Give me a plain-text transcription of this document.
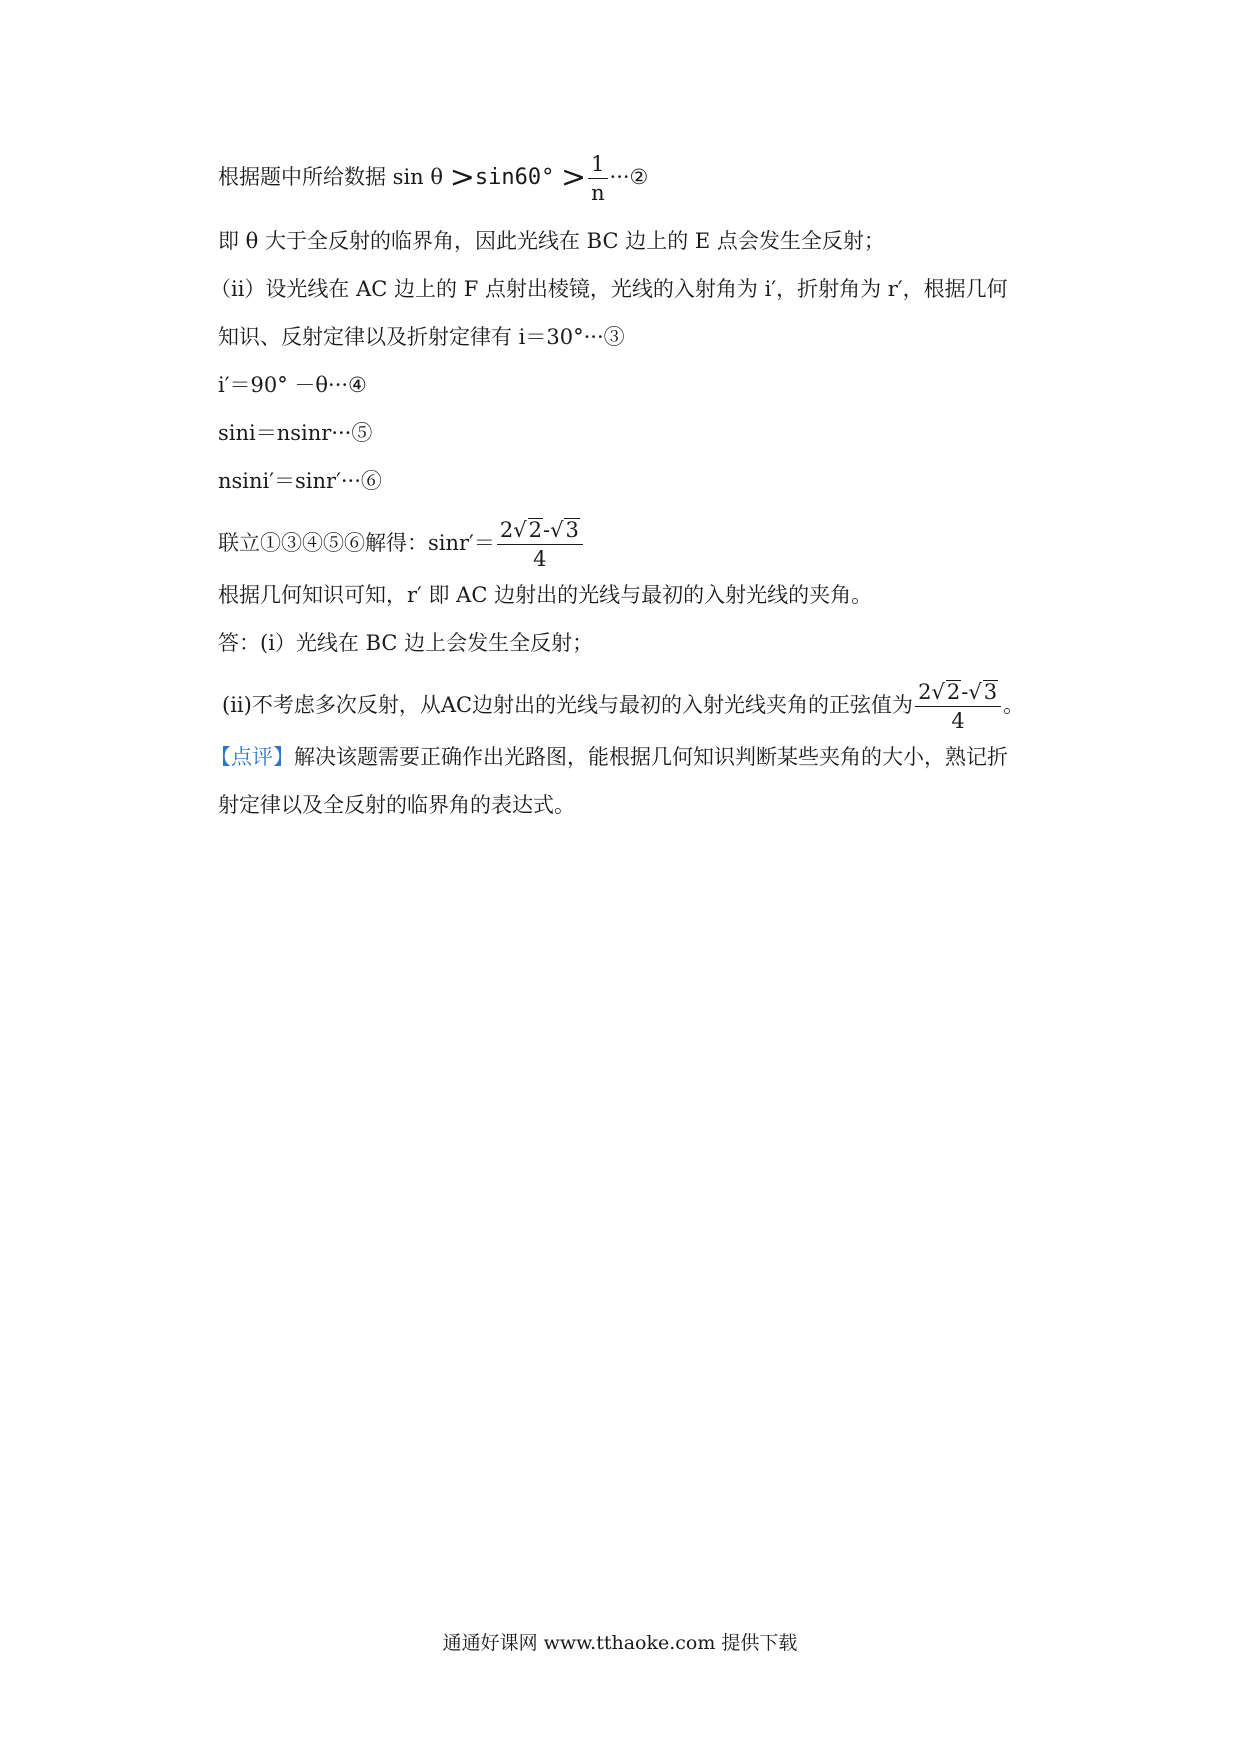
根据题中所给数据 $\sin \theta >\sin 60^\circ > \frac{1}{n}$ ···②
即 θ 大于全反射的临界角，因此光线在 BC 边上的 E 点会发生全反射；
（ii）设光线在 AC 边上的 F 点射出棱镜，光线的入射角为 i′，折射角为 r′，根据几何
知识、反射定律以及折射定律有 i＝30°···③
i′＝90° －θ···④
sini＝nsinr···⑤
nsini′＝sinr′···⑥
联立①③④⑤⑥解得：$\sin r'= \frac{2√2-√3}{4}$
根据几何知识可知，r′ 即 AC 边射出的光线与最初的入射光线的夹角。
答：(i）光线在 BC 边上会发生全反射；
(ii)不考虑多次反射，从AC边射出的光线与最初的入射光线夹角的正弦值为 $\frac{2√2-√3}{4}$ 。
【点评】解决该题需要正确作出光路图，能根据几何知识判断某些夹角的大小，熟记折
射定律以及全反射的临界角的表达式。
通通好课网 www.tthaoke.com 提供下载
